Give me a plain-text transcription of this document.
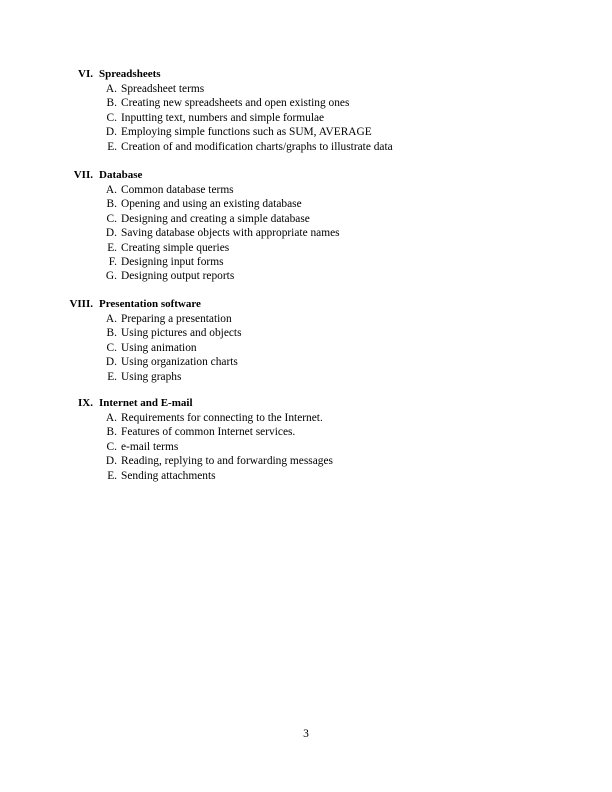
VI. Spreadsheets
A. Spreadsheet terms
B. Creating new spreadsheets and open existing ones
C. Inputting text, numbers and simple formulae
D. Employing simple functions such as SUM, AVERAGE
E. Creation of and modification charts/graphs to illustrate data
VII. Database
A. Common database terms
B. Opening and using an existing database
C. Designing and creating a simple database
D. Saving database objects with appropriate names
E. Creating simple queries
F. Designing input forms
G. Designing output reports
VIII. Presentation software
A. Preparing a presentation
B. Using pictures and objects
C. Using animation
D. Using organization charts
E. Using graphs
IX. Internet and E-mail
A. Requirements for connecting to the Internet.
B. Features of common Internet services.
C. e-mail terms
D. Reading, replying to and forwarding messages
E. Sending attachments
3
